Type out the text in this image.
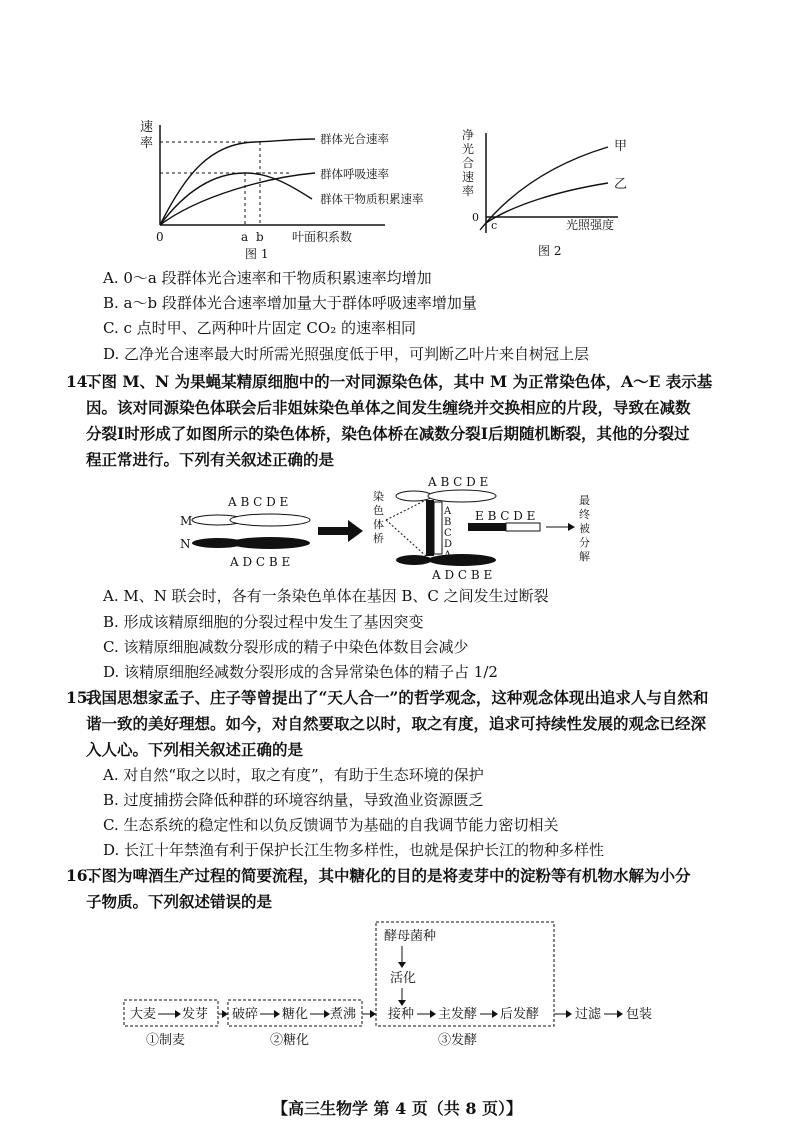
速
率	群体光合速率
群体呼吸速率
群体干物质积累速率
0	a b 叶面积系数
图 1
净
光
合
速
率
甲
乙
0
c	光照强度
图 2
A. 0～a 段群体光合速率和干物质积累速率均增加
B. a～b 段群体光合速率增加量大于群体呼吸速率增加量
C. c 点时甲、乙两种叶片固定 CO₂ 的速率相同
D. 乙净光合速率最大时所需光照强度低于甲，可判断乙叶片来自树冠上层
14.
下图 M、N 为果蝇某精原细胞中的一对同源染色体，其中 M 为正常染色体，A～E 表示基
因。该对同源染色体联会后非姐妹染色单体之间发生缠绕并交换相应的片段，导致在减数
分裂Ⅰ时形成了如图所示的染色体桥，染色体桥在减数分裂Ⅰ后期随机断裂，其他的分裂过
程正常进行。下列有关叙述正确的是
A B C D E
M
N
A D C B E
染
色
体
桥
A B C D E
A
B
C
D
A D C B E
E B C D E
最
终
被
分
解
A. M、N 联会时，各有一条染色单体在基因 B、C 之间发生过断裂
B. 形成该精原细胞的分裂过程中发生了基因突变
C. 该精原细胞减数分裂形成的精子中染色体数目会减少
D. 该精原细胞经减数分裂形成的含异常染色体的精子占 1/2
15.
我国思想家孟子、庄子等曾提出了“天人合一”的哲学观念，这种观念体现出追求人与自然和
谐一致的美好理想。如今，对自然要取之以时，取之有度，追求可持续性发展的观念已经深
入人心。下列相关叙述正确的是
A. 对自然“取之以时，取之有度”，有助于生态环境的保护
B. 过度捕捞会降低种群的环境容纳量，导致渔业资源匮乏
C. 生态系统的稳定性和以负反馈调节为基础的自我调节能力密切相关
D. 长江十年禁渔有利于保护长江生物多样性，也就是保护长江的物种多样性
16.
下图为啤酒生产过程的简要流程，其中糖化的目的是将麦芽中的淀粉等有机物水解为小分
子物质。下列叙述错误的是
酵母菌种
活化
大麦 发芽 破碎 糖化 煮沸 接种 主发酵 后发酵	过滤 包装
①制麦	②糖化	③发酵
【高三生物学 第 4 页（共 8 页）】
